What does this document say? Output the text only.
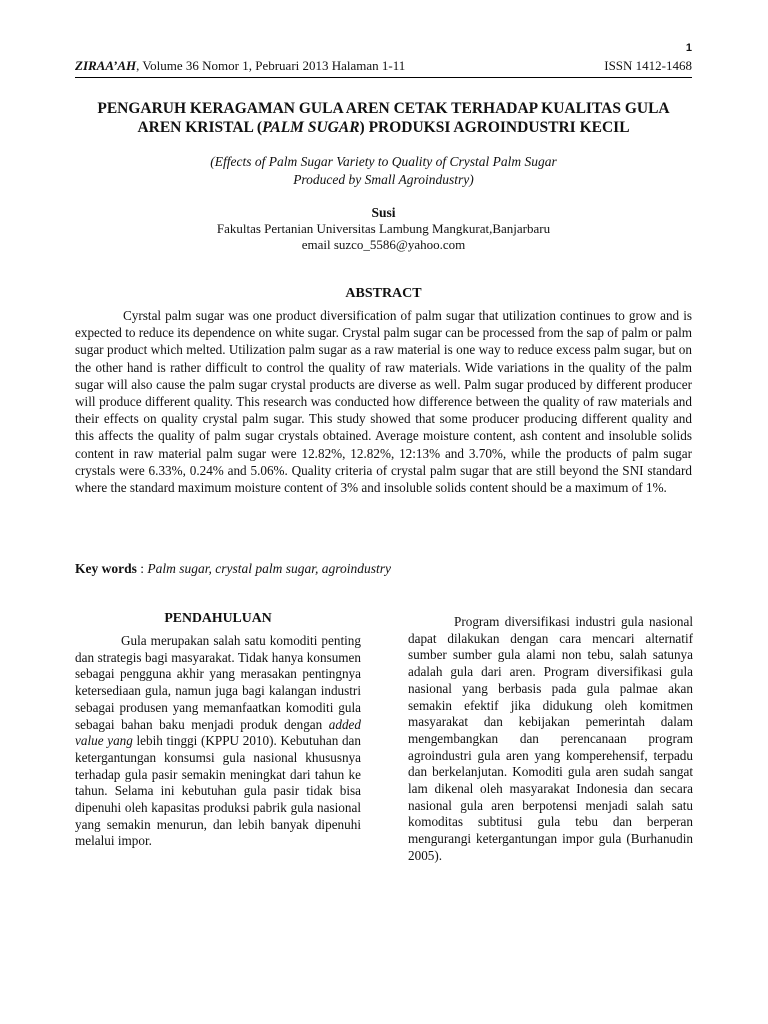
1
ZIRAA’AH, Volume 36 Nomor 1, Pebruari 2013 Halaman 1-11	ISSN 1412-1468
PENGARUH KERAGAMAN GULA AREN CETAK TERHADAP KUALITAS GULA
AREN KRISTAL (PALM SUGAR) PRODUKSI AGROINDUSTRI KECIL
(Effects of Palm Sugar Variety to Quality of Crystal Palm Sugar
Produced by Small Agroindustry)
Susi
Fakultas Pertanian Universitas Lambung Mangkurat,Banjarbaru
email suzco_5586@yahoo.com
ABSTRACT

Cyrstal palm sugar was one product diversification of palm sugar that utilization continues to grow and is expected to reduce its dependence on white sugar. Crystal palm sugar can be processed from the sap of palm or palm sugar product which melted. Utilization palm sugar as a raw material is one way to reduce excess palm sugar, but on the other hand is rather difficult to control the quality of raw materials. Wide variations in the quality of the palm sugar will also cause the palm sugar crystal products are diverse as well. Palm sugar produced by different producer will produce different quality. This research was conducted how difference between the quality of raw materials and their effects on quality crystal palm sugar. This study showed that some producer producing different quality and this affects the quality of palm sugar crystals obtained. Average moisture content, ash content and insoluble solids content in raw material palm sugar were 12.82%, 12.82%, 12:13% and 3.70%, while the products of palm sugar crystals were 6.33%, 0.24% and 5.06%. Quality criteria of crystal palm sugar that are still beyond the SNI standard where the standard maximum moisture content of 3% and insoluble solids content should be a maximum of 1%.

Key words : Palm sugar, crystal palm sugar, agroindustry
PENDAHULUAN

Gula merupakan salah satu komoditi penting dan strategis bagi masyarakat. Tidak hanya konsumen sebagai pengguna akhir yang merasakan pentingnya ketersediaan gula, namun juga bagi kalangan industri sebagai produsen yang memanfaatkan komoditi gula sebagai bahan baku menjadi produk dengan added value yang lebih tinggi (KPPU 2010). Kebutuhan dan ketergantungan konsumsi gula nasional khususnya terhadap gula pasir semakin meningkat dari tahun ke tahun. Selama ini kebutuhan gula pasir tidak bisa dipenuhi oleh kapasitas produksi pabrik gula nasional yang semakin menurun, dan lebih banyak dipenuhi melalui impor.

Program diversifikasi industri gula nasional dapat dilakukan dengan cara mencari alternatif sumber sumber gula alami non tebu, salah satunya adalah gula dari aren. Program diversifikasi gula nasional yang berbasis pada gula palmae akan semakin efektif jika didukung oleh komitmen masyarakat dan kebijakan pemerintah dalam mengembangkan dan perencanaan program agroindustri gula aren yang komperehensif, terpadu dan berkelanjutan. Komoditi gula aren sudah sangat lam dikenal oleh masyarakat Indonesia dan secara nasional gula aren berpotensi menjadi salah satu komoditas subtitusi gula tebu dan berperan mengurangi ketergantungan impor gula (Burhanudin 2005).
